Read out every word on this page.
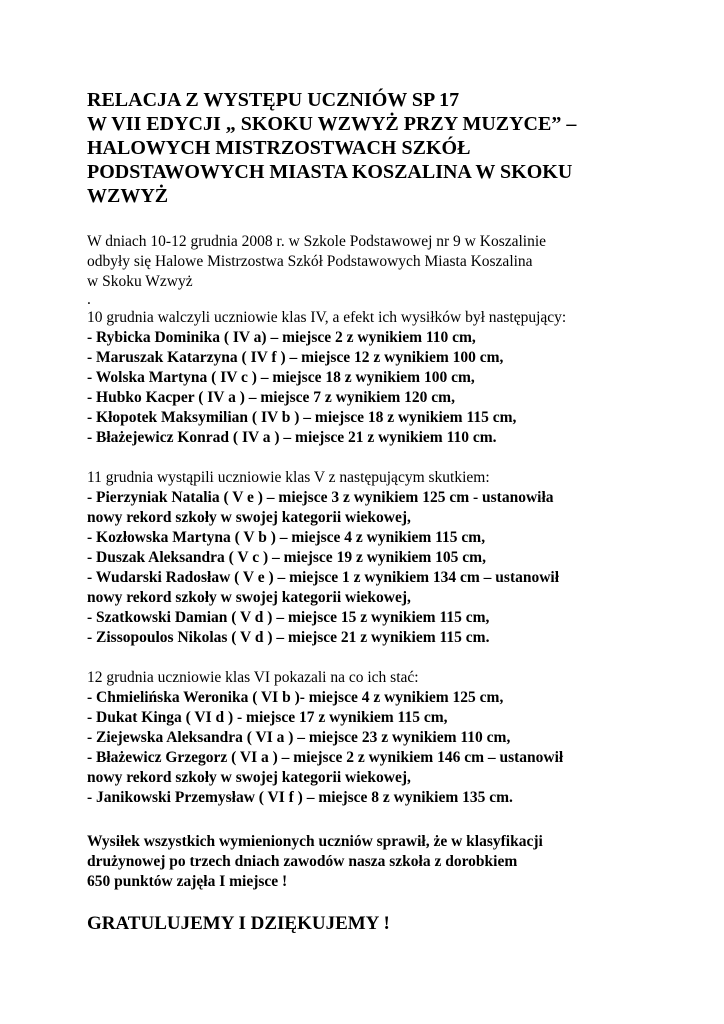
RELACJA Z WYSTĘPU UCZNIÓW SP 17
W VII EDYCJI „ SKOKU WZWYŻ PRZY MUZYCE” –
HALOWYCH MISTRZOSTWACH SZKÓŁ
PODSTAWOWYCH MIASTA KOSZALINA W SKOKU
WZWYŻ
W dniach 10-12 grudnia 2008 r. w Szkole Podstawowej nr 9 w Koszalinie
odbyły się Halowe Mistrzostwa Szkół Podstawowych Miasta Koszalina
w Skoku Wzwyż
.
10 grudnia walczyli uczniowie klas IV, a efekt ich wysiłków był następujący:
- Rybicka Dominika ( IV a) – miejsce 2 z wynikiem 110 cm,
- Maruszak Katarzyna ( IV f ) – miejsce 12 z wynikiem 100 cm,
- Wolska Martyna ( IV c ) – miejsce 18 z wynikiem 100 cm,
- Hubko Kacper ( IV a ) – miejsce 7 z wynikiem 120 cm,
- Kłopotek Maksymilian ( IV b ) – miejsce 18 z wynikiem 115 cm,
- Błażejewicz Konrad ( IV a ) – miejsce 21 z wynikiem 110 cm.
11 grudnia wystąpili uczniowie klas V z następującym skutkiem:
- Pierzyniak Natalia ( V e ) – miejsce 3 z wynikiem 125 cm - ustanowiła
nowy rekord szkoły w swojej kategorii wiekowej,
- Kozłowska Martyna ( V b ) – miejsce 4 z wynikiem 115 cm,
- Duszak Aleksandra ( V c ) – miejsce 19 z wynikiem 105 cm,
- Wudarski Radosław ( V e ) – miejsce 1 z wynikiem 134 cm – ustanowił
nowy rekord szkoły w swojej kategorii wiekowej,
- Szatkowski Damian ( V d ) – miejsce 15 z wynikiem 115 cm,
- Zissopoulos Nikolas ( V d ) – miejsce 21 z wynikiem 115 cm.
12 grudnia uczniowie klas VI pokazali na co ich stać:
- Chmielińska Weronika ( VI b )- miejsce 4 z wynikiem 125 cm,
- Dukat Kinga ( VI d ) - miejsce 17 z wynikiem 115 cm,
- Ziejewska Aleksandra ( VI a ) – miejsce 23 z wynikiem 110 cm,
- Błażewicz Grzegorz ( VI a ) – miejsce 2 z wynikiem 146 cm – ustanowił
nowy rekord szkoły w swojej kategorii wiekowej,
- Janikowski Przemysław ( VI f ) – miejsce 8 z wynikiem 135 cm.
Wysiłek wszystkich wymienionych uczniów sprawił, że w klasyfikacji
drużynowej po trzech dniach zawodów nasza szkoła z dorobkiem
650 punktów zajęła I miejsce !
GRATULUJEMY I DZIĘKUJEMY !
